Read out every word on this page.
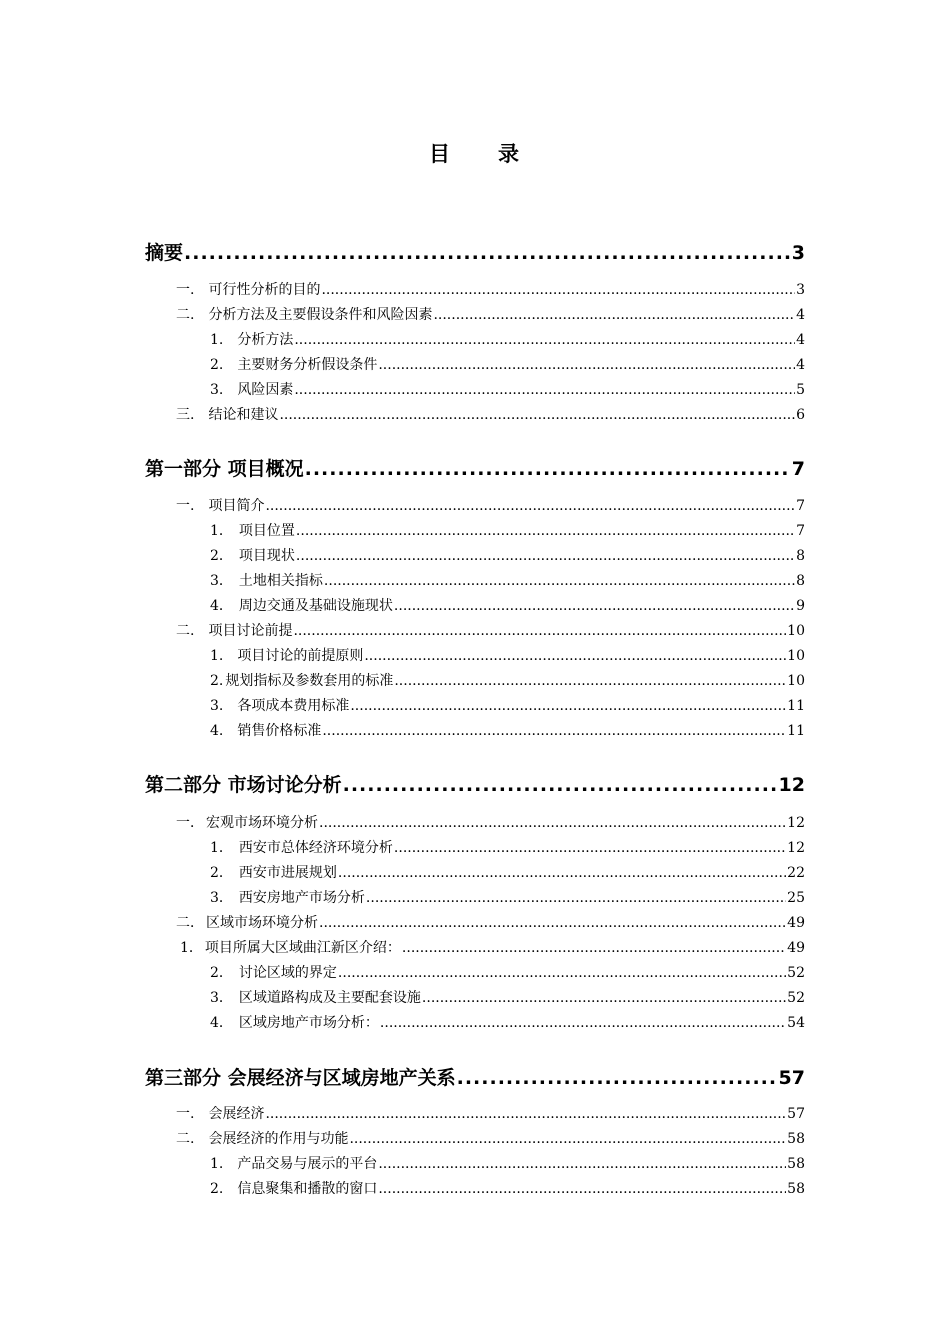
目 录
摘要 .....	3
一. 可行性分析的目的 .....	3
二. 分析方法及主要假设条件和风险因素 .....	4
1. 分析方法 .....	4
2. 主要财务分析假设条件 .....	4
3. 风险因素 .....	5
三. 结论和建议 .....	6
第一部分 项目概况 .....	7
一. 项目简介 .....	7
1． 项目位置 .....	7
2． 项目现状 .....	8
3． 土地相关指标 .....	8
4． 周边交通及基础设施现状 .....	9
二. 项目讨论前提 .....	10
1. 项目讨论的前提原则 .....	10
2. 规划指标及参数套用的标准 .....	10
3. 各项成本费用标准 .....	11
4. 销售价格标准 .....	11
第二部分 市场讨论分析 .....	12
一． 宏观市场环境分析 .....	12
1． 西安市总体经济环境分析 .....	12
2． 西安市进展规划 .....	22
3． 西安房地产市场分析 .....	25
二． 区域市场环境分析 .....	49
1． 项目所属大区域曲江新区介绍： .....	49
2． 讨论区域的界定 .....	52
3． 区域道路构成及主要配套设施 .....	52
4． 区域房地产市场分析： .....	54
第三部分 会展经济与区域房地产关系 .....	57
一. 会展经济 .....	57
二. 会展经济的作用与功能 .....	58
1. 产品交易与展示的平台 .....	58
2. 信息聚集和播散的窗口 .....	58
